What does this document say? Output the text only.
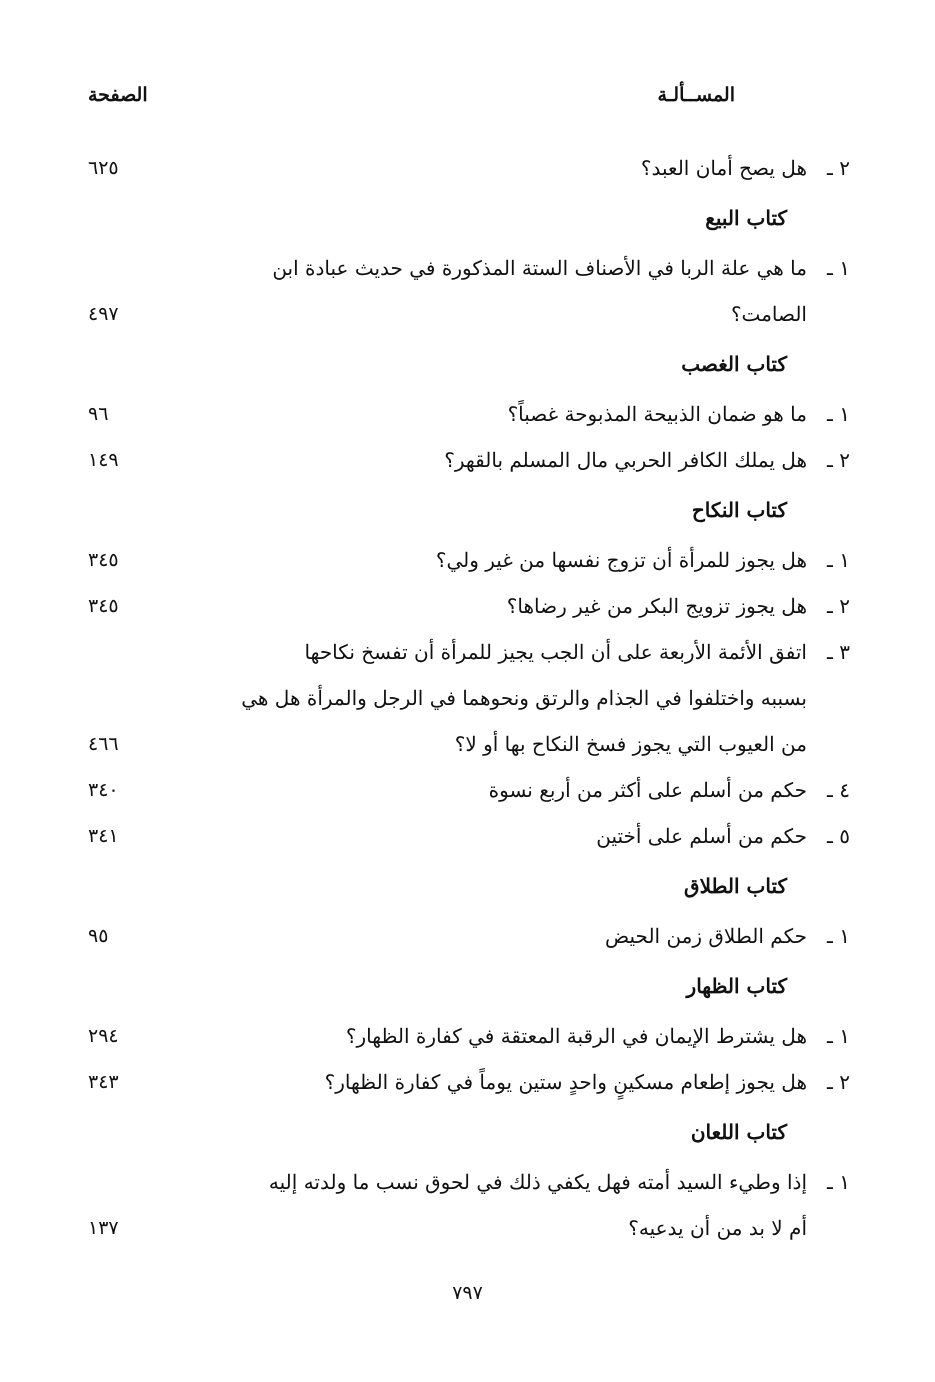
المســألـة
الصفحة
٢ ـ
هل يصح أمان العبد؟
٦٢٥
كتاب البيع
١ ـ
ما هي علة الربا في الأصناف الستة المذكورة في حديث عبادة ابن
الصامت؟
٤٩٧
كتاب الغصب
١ ـ
ما هو ضمان الذبيحة المذبوحة غصباً؟
٩٦
٢ ـ
هل يملك الكافر الحربي مال المسلم بالقهر؟
١٤٩
كتاب النكاح
١ ـ
هل يجوز للمرأة أن تزوج نفسها من غير ولي؟
٣٤٥
٢ ـ
هل يجوز تزويج البكر من غير رضاها؟
٣٤٥
٣ ـ
اتفق الأئمة الأربعة على أن الجب يجيز للمرأة أن تفسخ نكاحها
بسببه واختلفوا في الجذام والرتق ونحوهما في الرجل والمرأة هل هي
من العيوب التي يجوز فسخ النكاح بها أو لا؟
٤٦٦
٤ ـ
حكم من أسلم على أكثر من أربع نسوة
٣٤٠
٥ ـ
حكم من أسلم على أختين
٣٤١
كتاب الطلاق
١ ـ
حكم الطلاق زمن الحيض
٩٥
كتاب الظهار
١ ـ
هل يشترط الإيمان في الرقبة المعتقة في كفارة الظهار؟
٢٩٤
٢ ـ
هل يجوز إطعام مسكينٍ واحدٍ ستين يوماً في كفارة الظهار؟
٣٤٣
كتاب اللعان
١ ـ
إذا وطيء السيد أمته فهل يكفي ذلك في لحوق نسب ما ولدته إليه
أم لا بد من أن يدعيه؟
١٣٧
٧٩٧
